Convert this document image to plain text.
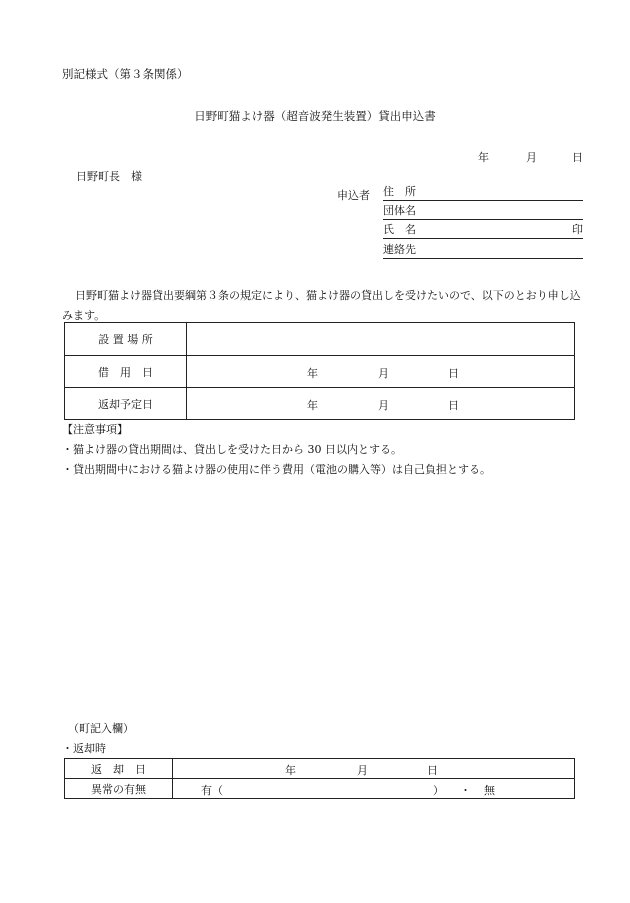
別記様式（第３条関係）
日野町猫よけ器（超音波発生装置）貸出申込書
年	月	日
日野町長　様
申込者 住　所
団体名
氏　名	印
連絡先
日野町猫よけ器貸出要綱第３条の規定により、猫よけ器の貸出しを受けたいので、以下のとおり申し込みます。
設 置 場 所	
借　用　日	年 月 日

返却予定日	年 月 日
【注意事項】
・猫よけ器の貸出期間は、貸出しを受けた日から 30 日以内とする。
・貸出期間中における猫よけ器の使用に伴う費用（電池の購入等）は自己負担とする。
（町記入欄）
・返却時
返　却　日	年 月 日

異常の有無	有（ ） ・ 無
